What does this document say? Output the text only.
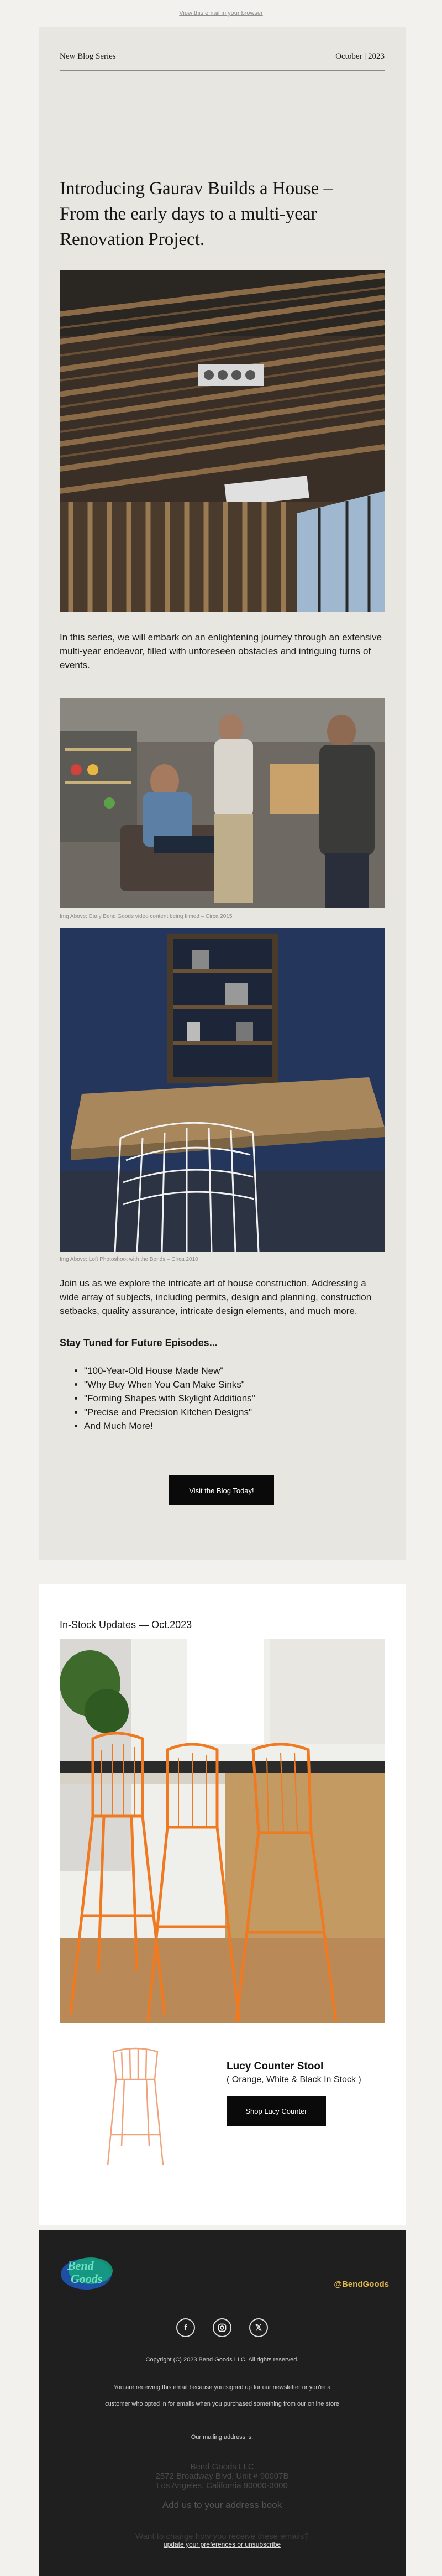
View this email in your browser
New Blog Series	October | 2023
Introducing Gaurav Builds a House – From the early days to a multi-year Renovation Project.

In this series, we will embark on an enlightening journey through an extensive multi-year endeavor, filled with unforeseen obstacles and intriguing turns of events.

Img Above: Early Bend Goods video content being filmed – Circa 2015
Img Above: Loft Photoshoot with the Bends – Circa 2010

Join us as we explore the intricate art of house construction. Addressing a wide array of subjects, including permits, design and planning, construction setbacks, quality assurance, intricate design elements, and much more.

Stay Tuned for Future Episodes...
• "100-Year-Old House Made New"
• "Why Buy When You Can Make Sinks"
• "Forming Shapes with Skylight Additions"
• "Precise and Precision Kitchen Designs"
• And Much More!
Visit the Blog Today!
In-Stock Updates — Oct.2023
Lucy Counter Stool
( Orange, White & Black In Stock )
Shop Lucy Counter
Bend
Goods	@BendGoods
f	𝕏
Copyright (C) 2023 Bend Goods LLC. All rights reserved.
You are receiving this email because you signed up for our newsletter or you're a
customer who opted in for emails when you purchased something from our online store
Our mailing address is:
Bend Goods LLC
2572 Broadway Blvd, Unit # 90007B
Los Angeles, California 90000-3000
Add us to your address book
Want to change how you receive these emails?
update your preferences or unsubscribe
